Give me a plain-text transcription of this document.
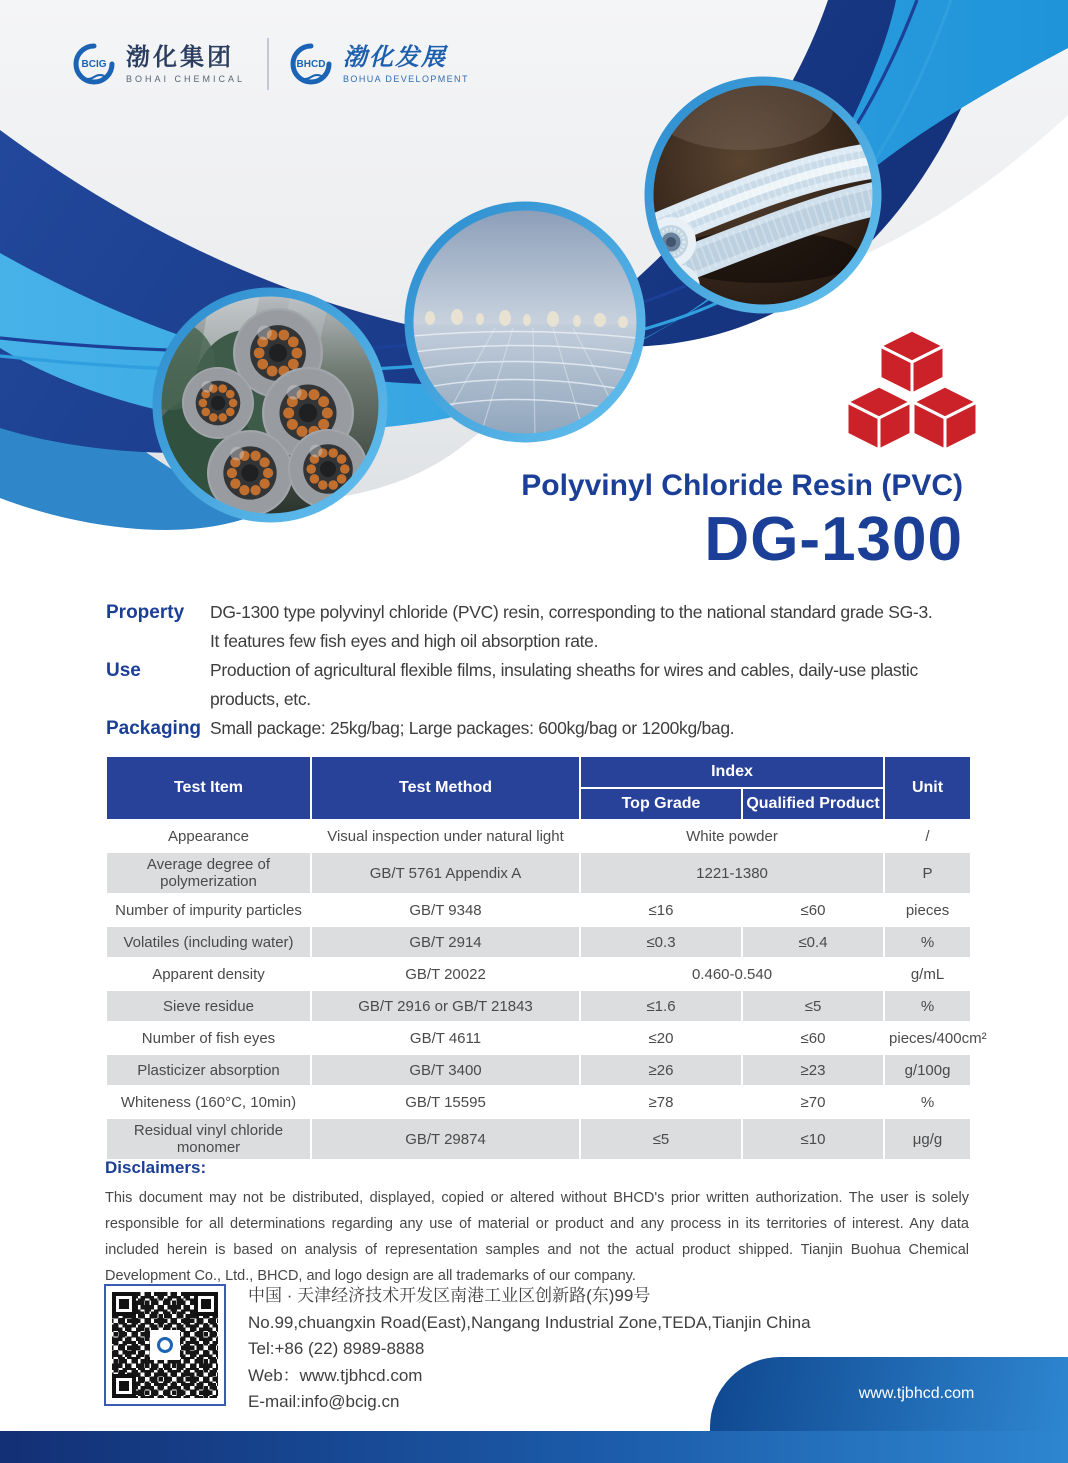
BCIG 渤化集团
BOHAI CHEMICAL
BHCD 渤化发展
BOHUA DEVELOPMENT
Polyvinyl Chloride Resin (PVC)
DG-1300
Property	DG-1300 type polyvinyl chloride (PVC) resin, corresponding to the national standard grade SG-3. It features few fish eyes and high oil absorption rate.
Use	Production of agricultural flexible films, insulating sheaths for wires and cables, daily-use plastic products, etc.
Packaging Small package: 25kg/bag; Large packages: 600kg/bag or 1200kg/bag.
Test Item	Test Method	Index		Unit
		Top Grade	Qualified Product	
Appearance	Visual inspection under natural light	White powder		/
Average degree of polymerization	GB/T 5761 Appendix A	1221-1380		P
Number of impurity particles	GB/T 9348	≤16	≤60	pieces
Volatiles (including water)	GB/T 2914	≤0.3	≤0.4	%
Apparent density	GB/T 20022	0.460-0.540		g/mL
Sieve residue	GB/T 2916 or GB/T 21843	≤1.6	≤5	%
Number of fish eyes	GB/T 4611	≤20	≤60	pieces/400cm²
Plasticizer absorption	GB/T 3400	≥26	≥23	g/100g
Whiteness (160°C, 10min)	GB/T 15595	≥78	≥70	%
Residual vinyl chloride monomer	GB/T 29874	≤5	≤10	μg/g
Disclaimers:
This document may not be distributed, displayed, copied or altered without BHCD's prior written authorization. The user is solely responsible for all determinations regarding any use of material or product and any process in its territories of interest. Any data included herein is based on analysis of representation samples and not the actual product shipped. Tianjin Buohua Chemical Development Co., Ltd., BHCD, and logo design are all trademarks of our company.
中国 · 天津经济技术开发区南港工业区创新路(东)99号
No.99,chuangxin Road(East),Nangang Industrial Zone,TEDA,Tianjin China
Tel:+86 (22) 8989-8888
Web：www.tjbhcd.com
E-mail:info@bcig.cn	www.tjbhcd.com
